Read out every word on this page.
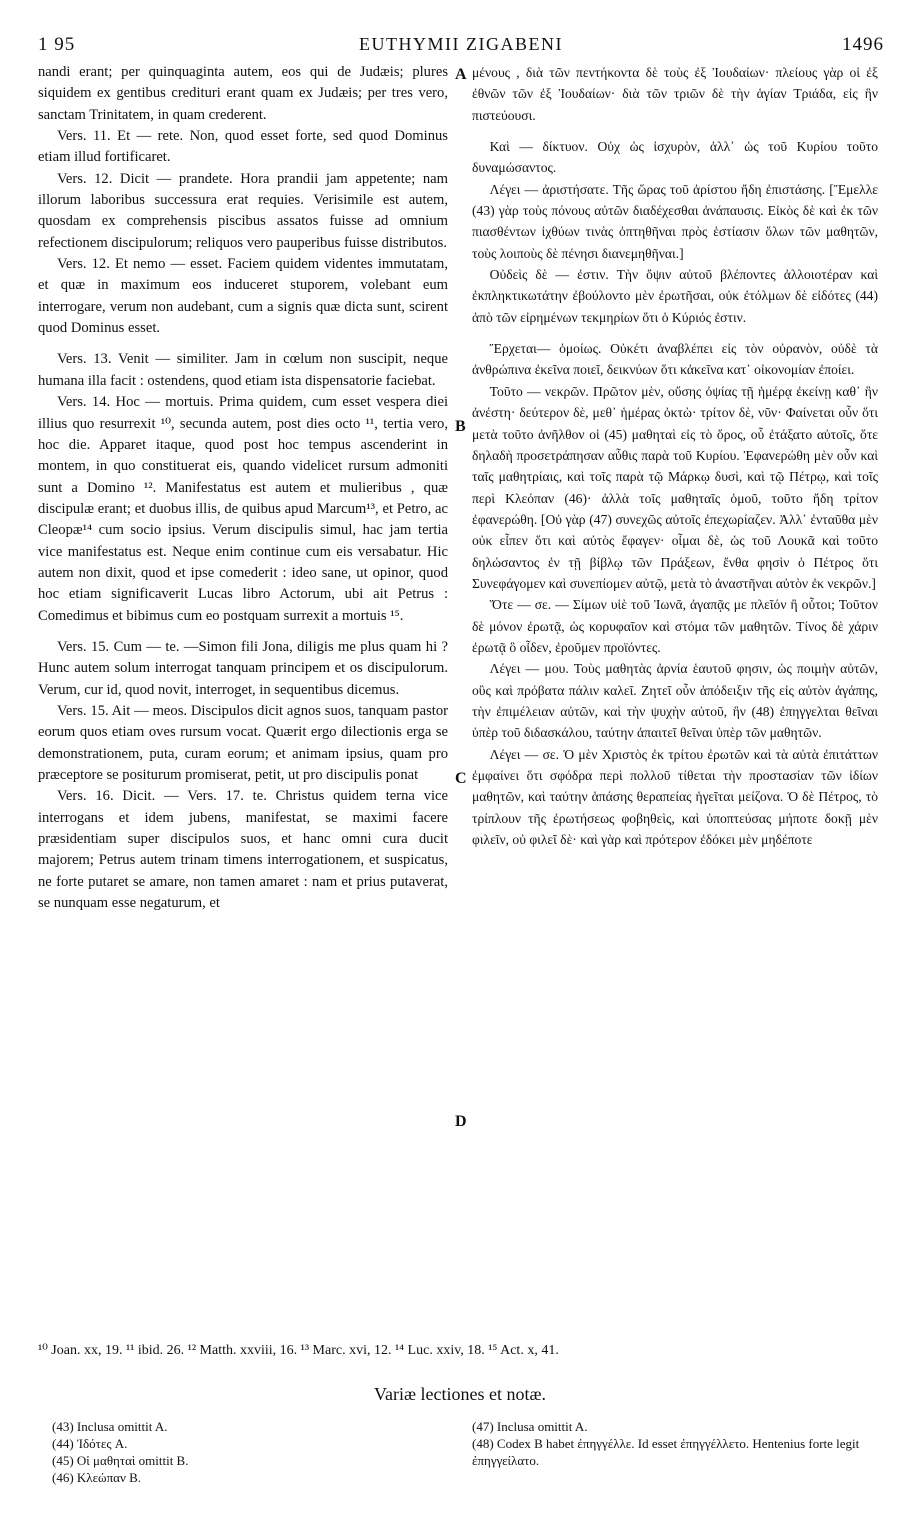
1 95	EUTHYMII ZIGABENI	1496

nandi erant; per quinquaginta autem, eos qui de Judæis; plures siquidem ex gentibus credituri erant quam ex Judæis; per tres vero, sanctam Trinitatem, in quam crederent.

Vers. 11. Et — rete. Non, quod esset forte, sed quod Dominus etiam illud fortificaret.

Vers. 12. Dicit — prandete. Hora prandii jam appetente; nam illorum laboribus successura erat requies. Verisimile est autem, quosdam ex comprehensis piscibus assatos fuisse ad omnium refectionem discipulorum; reliquos vero pauperibus fuisse distributos.

Vers. 12. Et nemo — esset. Faciem quidem videntes immutatam, et quæ in maximum eos induceret stuporem, volebant eum interrogare, verum non audebant, cum a signis quæ dicta sunt, scirent quod Dominus esset.

Vers. 13. Venit — similiter. Jam in cœlum non suscipit, neque humana illa facit : ostendens, quod etiam ista dispensatorie faciebat.

Vers. 14. Hoc — mortuis. Prima quidem, cum esset vespera diei illius quo resurrexit ¹⁰, secunda autem, post dies octo ¹¹, tertia vero, hoc die. Apparet itaque, quod post hoc tempus ascenderint in montem, in quo constituerat eis, quando videlicet rursum admoniti sunt a Domino ¹². Manifestatus est autem et mulieribus , quæ discipulæ erant; et duobus illis, de quibus apud Marcum¹³, et Petro, ac Cleopæ¹⁴ cum socio ipsius. Verum discipulis simul, hac jam tertia vice manifestatus est. Neque enim continue cum eis versabatur. Hic autem non dixit, quod et ipse comederit : ideo sane, ut opinor, quod hoc etiam significaverit Lucas libro Actorum, ubi ait Petrus : Comedimus et bibimus cum eo postquam surrexit a mortuis ¹⁵.

Vers. 15. Cum — te. —Simon fili Jona, diligis me plus quam hi ? Hunc autem solum interrogat tanquam principem et os discipulorum. Verum, cur id, quod novit, interroget, in sequentibus dicemus.

Vers. 15. Ait — meos. Discipulos dicit agnos suos, tanquam pastor eorum quos etiam oves rursum vocat. Quærit ergo dilectionis erga se demonstrationem, puta, curam eorum; et animam ipsius, quam pro præceptore se positurum promiserat, petit, ut pro discipulis ponat

Vers. 16. Dicit. — Vers. 17. te. Christus quidem terna vice interrogans et idem jubens, manifestat, se maximi facere præsidentiam super discipulos suos, et hanc omni cura ducit majorem; Petrus autem trinam timens interrogationem, et suspicatus, ne forte putaret se amare, non tamen amaret : nam et prius putaverat, se nunquam esse negaturum, et

A
B
C
D

μένους , διὰ τῶν πεντήκοντα δὲ τοὺς ἐξ Ἰουδαίων· πλείους γὰρ οἱ ἐξ ἐθνῶν τῶν ἐξ Ἰουδαίων· διὰ τῶν τριῶν δὲ τὴν ἁγίαν Τριάδα, εἰς ἣν πιστεύουσι.

Καὶ — δίκτυον. Οὐχ ὡς ἰσχυρὸν, ἀλλ᾿ ὡς τοῦ Κυρίου τοῦτο δυναμώσαντος.

Λέγει — ἀριστήσατε. Τῆς ὥρας τοῦ ἀρίστου ἤδη ἐπιστάσης. [Ἔμελλε (43) γὰρ τοὺς πόνους αὐτῶν διαδέχεσθαι ἀνάπαυσις. Εἰκὸς δὲ καὶ ἐκ τῶν πιασθέντων ἰχθύων τινὰς ὀπτηθῆναι πρὸς ἑστίασιν ὅλων τῶν μαθητῶν, τοὺς λοιποὺς δὲ πένησι διανεμηθῆναι.]

Οὐδεὶς δὲ — ἐστιν. Τὴν ὄψιν αὐτοῦ βλέποντες ἀλλοιοτέραν καὶ ἐκπληκτικωτάτην ἐβούλοντο μὲν ἐρωτῆσαι, οὐκ ἐτόλμων δὲ εἰδότες (44) ἀπὸ τῶν εἰρημένων τεκμηρίων ὅτι ὁ Κύριός ἐστιν.

Ἔρχεται— ὁμοίως. Οὐκέτι ἀναβλέπει εἰς τὸν οὐρανὸν, οὐδὲ τὰ ἀνθρώπινα ἐκεῖνα ποιεῖ, δεικνύων ὅτι κἀκεῖνα κατ᾿ οἰκονομίαν ἐποίει.

Τοῦτο — νεκρῶν. Πρῶτον μὲν, οὔσης ὀψίας τῇ ἡμέρᾳ ἐκείνῃ καθ᾿ ἣν ἀνέστη· δεύτερον δὲ, μεθ᾿ ἡμέρας ὀκτὼ· τρίτον δὲ, νῦν· Φαίνεται οὖν ὅτι μετὰ τοῦτο ἀνῆλθον οἱ (45) μαθηταὶ εἰς τὸ ὄρος, οὗ ἐτάξατο αὐτοῖς, ὅτε δηλαδὴ προσετράπησαν αὖθις παρὰ τοῦ Κυρίου. Ἐφανερώθη μὲν οὖν καὶ ταῖς μαθητρίαις, καὶ τοῖς παρὰ τῷ Μάρκῳ δυσὶ, καὶ τῷ Πέτρῳ, καὶ τοῖς περὶ Κλεόπαν (46)· ἀλλὰ τοῖς μαθηταῖς ὁμοῦ, τοῦτο ἤδη τρίτον ἐφανερώθη. [Οὐ γὰρ (47) συνεχῶς αὐτοῖς ἐπεχωρίαζεν. Ἀλλ᾿ ἐνταῦθα μὲν οὐκ εἶπεν ὅτι καὶ αὐτὸς ἔφαγεν· οἶμαι δὲ, ὡς τοῦ Λουκᾶ καὶ τοῦτο δηλώσαντος ἐν τῇ βίβλῳ τῶν Πράξεων, ἔνθα φησὶν ὁ Πέτρος ὅτι Συνεφάγομεν καὶ συνεπίομεν αὐτῷ, μετὰ τὸ ἀναστῆναι αὐτὸν ἐκ νεκρῶν.]

Ὅτε — σε. — Σίμων υἱὲ τοῦ Ἰωνᾶ, ἀγαπᾷς με πλεῖόν ἢ οὗτοι; Τοῦτον δὲ μόνον ἐρωτᾷ, ὡς κορυφαῖον καὶ στόμα τῶν μαθητῶν. Τίνος δὲ χάριν ἐρωτᾷ ὃ οἶδεν, ἐροῦμεν προϊόντες.

Λέγει — μου. Τοὺς μαθητὰς ἀρνία ἑαυτοῦ φησιν, ὡς ποιμὴν αὐτῶν, οὓς καὶ πρόβατα πάλιν καλεῖ. Ζητεῖ οὖν ἀπόδειξιν τῆς εἰς αὐτὸν ἀγάπης, τὴν ἐπιμέλειαν αὐτῶν, καὶ τὴν ψυχὴν αὐτοῦ, ἣν (48) ἐπηγγελται θεῖναι ὑπὲρ τοῦ διδασκάλου, ταύτην ἀπαιτεῖ θεῖναι ὑπὲρ τῶν μαθητῶν.

Λέγει — σε. Ὁ μὲν Χριστὸς ἐκ τρίτου ἐρωτῶν καὶ τὰ αὐτὰ ἐπιτάττων ἐμφαίνει ὅτι σφόδρα περὶ πολλοῦ τίθεται τὴν προστασίαν τῶν ἰδίων μαθητῶν, καὶ ταύτην ἁπάσης θεραπείας ἡγεῖται μείζονα. Ὁ δὲ Πέτρος, τὸ τρίπλουν τῆς ἐρωτήσεως φοβηθεὶς, καὶ ὑποπτεύσας μήποτε δοκῇ μὲν φιλεῖν, οὐ φιλεῖ δὲ· καὶ γὰρ καὶ πρότερον ἐδόκει μὲν μηδέποτε

¹⁰ Joan. xx, 19. ¹¹ ibid. 26. ¹² Matth. xxviii, 16. ¹³ Marc. xvi, 12. ¹⁴ Luc. xxiv, 18. ¹⁵ Act. x, 41.
Variæ lectiones et notæ.
(43) Inclusa omittit A.
(44) Ἰδότες A.
(45) Οἱ μαθηταὶ omittit B.
(46) Κλεώπαν B.
(47) Inclusa omittit A.
(48) Codex B habet ἐπηγγέλλε. Id esset ἐπηγγέλλετο. Hentenius forte legit ἐπηγγείλατο.
